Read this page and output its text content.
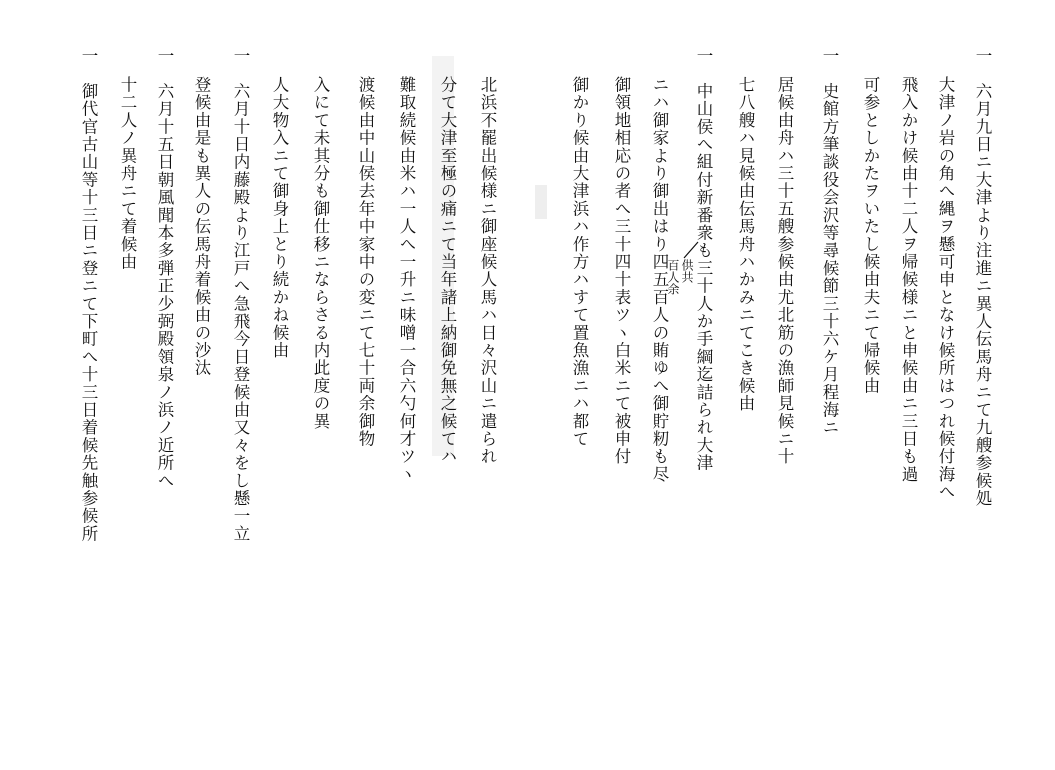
一　六月九日ニ大津より注進ニ異人伝馬舟ニて九艘参候処

大津ノ岩の角へ縄ヲ懸可申となけ候所はつれ候付海へ

飛入かけ候由十二人ヲ帰候様ニと申候由ニ三日も過

可参としかたヲいたし候由夫ニて帰候由

一　史館方筆談役会沢等尋候節三十六ケ月程海ニ

居候由舟ハ三十五艘参候由尤北筋の漁師見候ニ十

七八艘ハ見候由伝馬舟ハかみニてこき候由

一　中山侯へ組付新番衆も三十人か手綱迄詰られ大津

ニハ御家より御出はり四五百人の賄ゆへ御貯籾も尽

御領地相応の者へ三十四十表ツヽ白米ニて被申付

御かり候由大津浜ハ作方ハすて置魚漁ニハ都て

北浜不罷出候様ニ御座候人馬ハ日々沢山ニ遣られ

分て大津至極の痛ニて当年諸上納御免無之候てハ

難取続候由米ハ一人へ一升ニ味噌一合六勺何才ツヽ

渡候由中山侯去年中家中の変ニて七十両余御物

入にて未其分も御仕移ニならさる内此度の異

人大物入ニて御身上とり続かね候由

一　六月十日内藤殿より江戸へ急飛今日登候由又々をし懸一立

登候由是も異人の伝馬舟着候由の沙汰

一　六月十五日朝風聞本多弾正少弼殿領泉ノ浜ノ近所へ

十二人ノ異舟ニて着候由

一　御代官古山等十三日ニ登ニて下町へ十三日着候先触参候所	供共
百人余
